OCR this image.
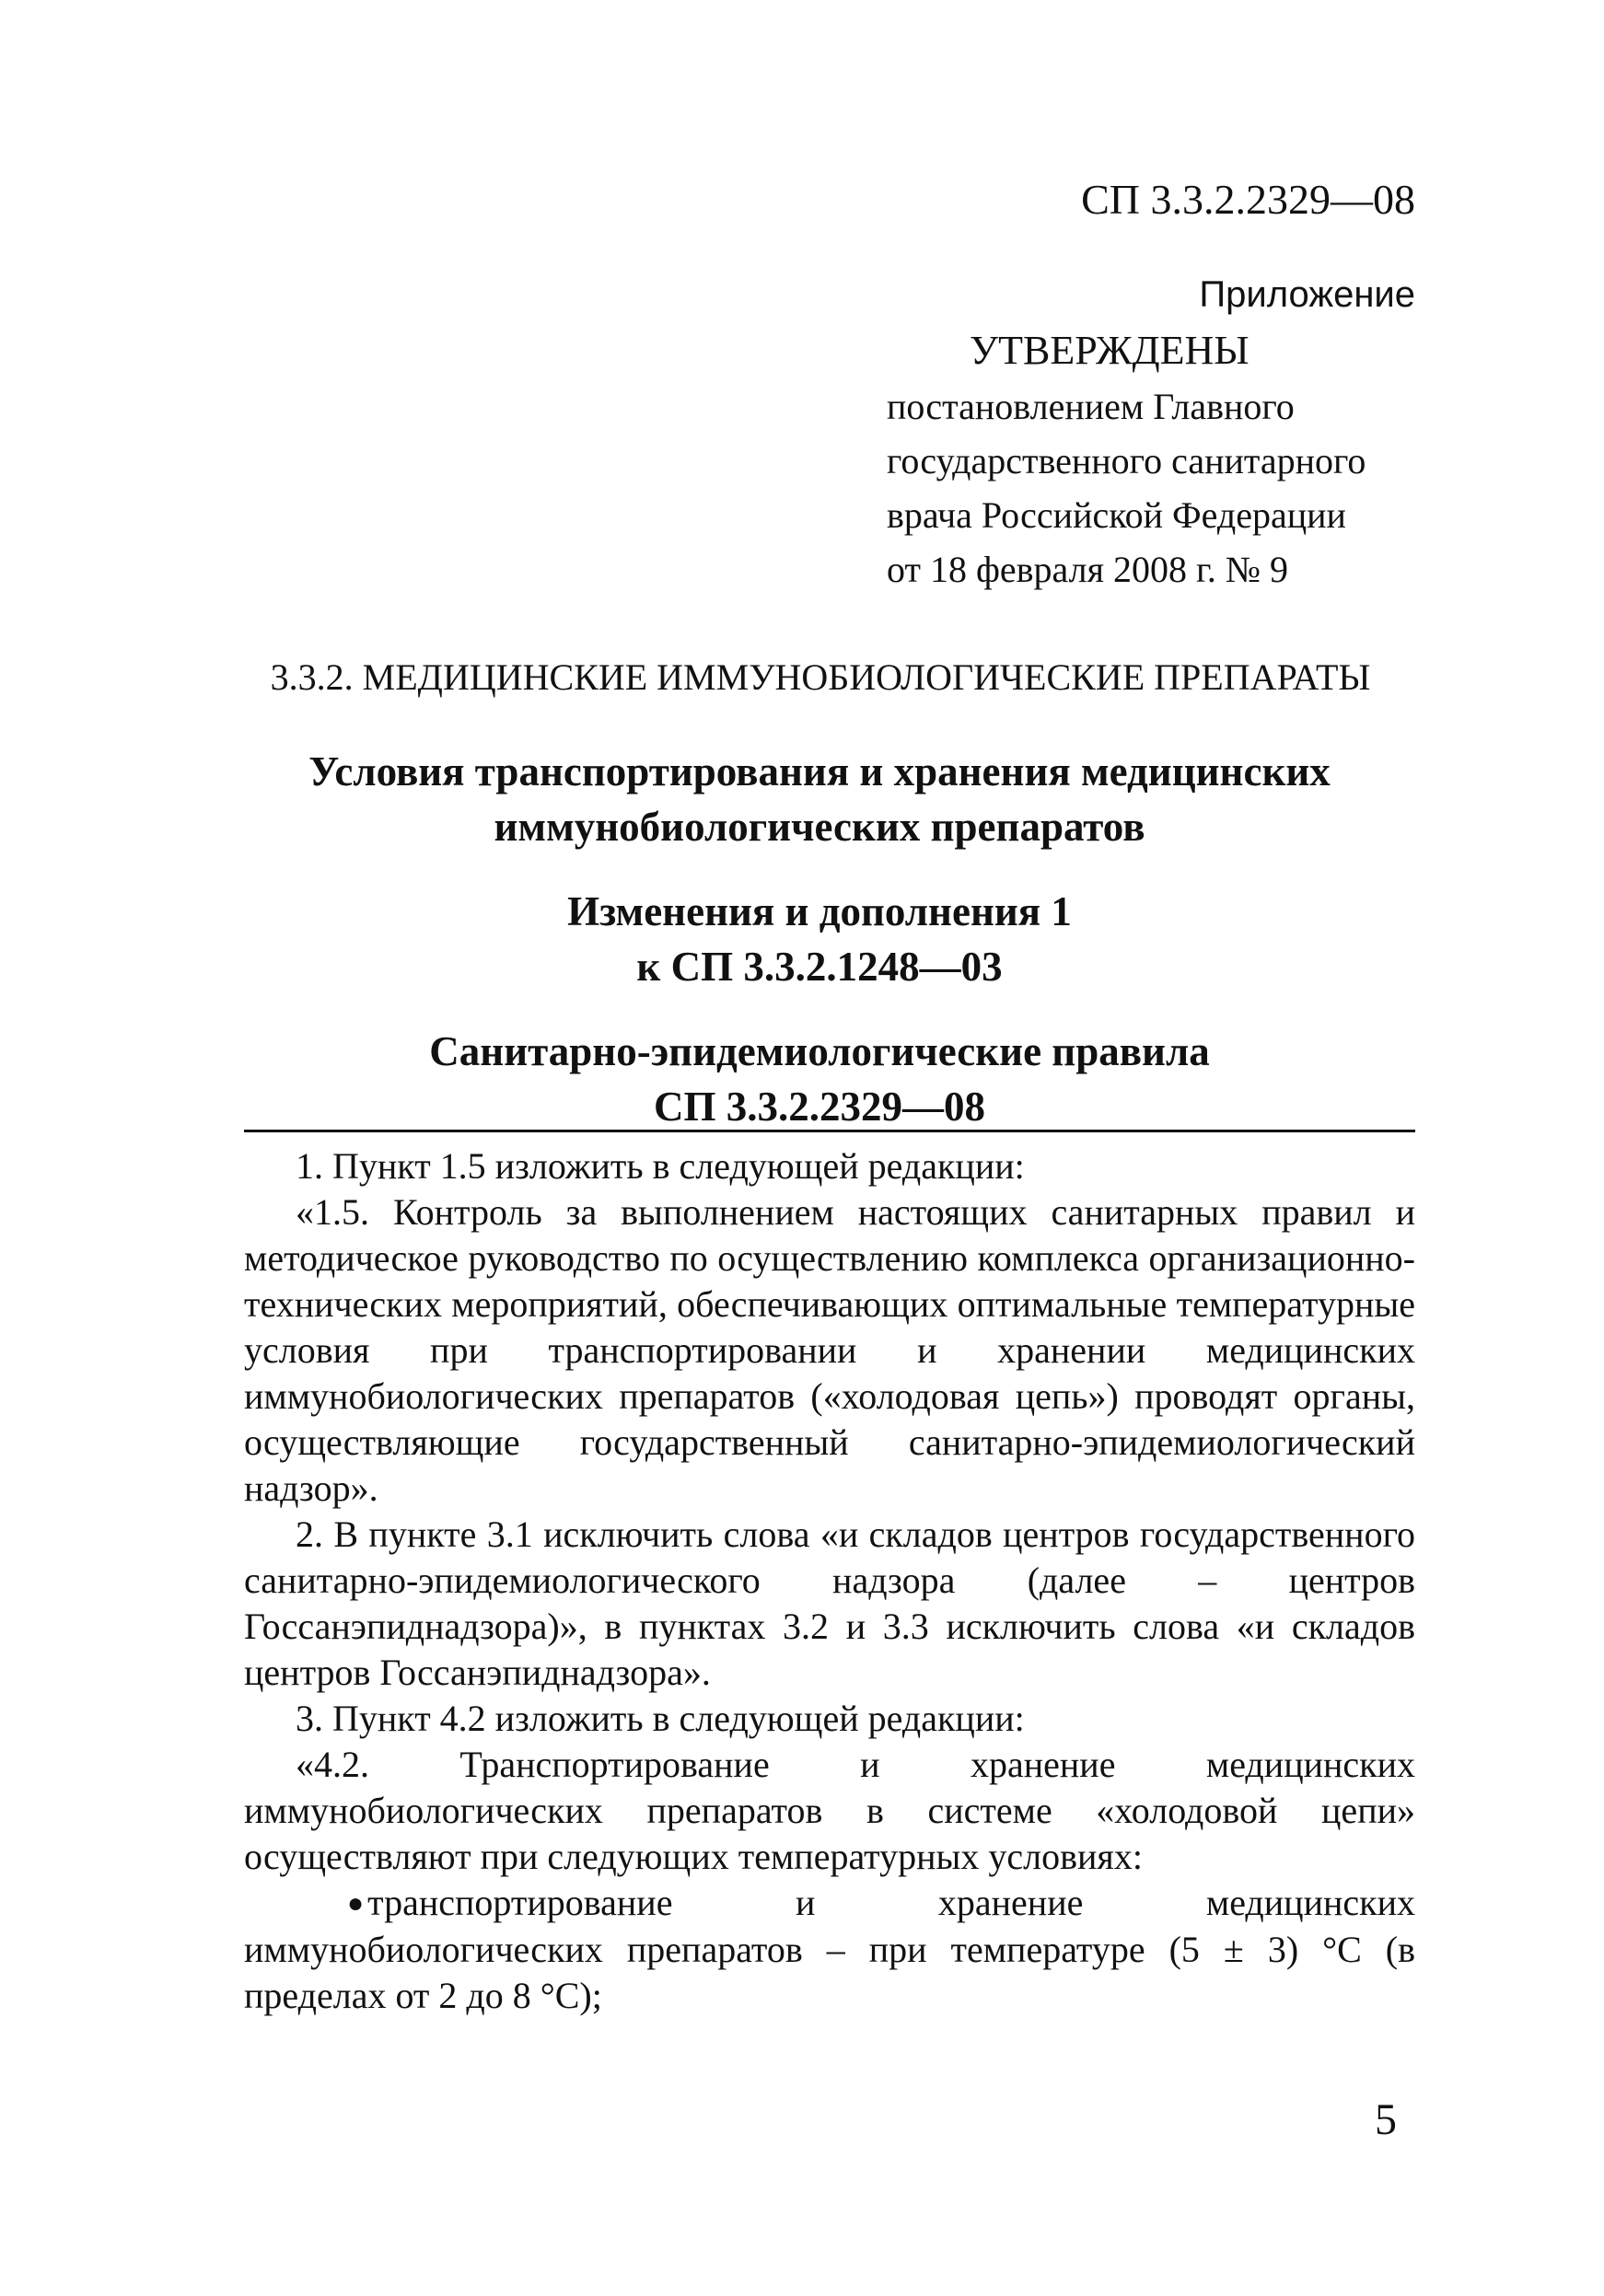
СП 3.3.2.2329—08
Приложение
УТВЕРЖДЕНЫ
постановлением Главного
государственного санитарного
врача Российской Федерации
от 18 февраля 2008 г. № 9
3.3.2. МЕДИЦИНСКИЕ ИММУНОБИОЛОГИЧЕСКИЕ ПРЕПАРАТЫ
Условия транспортирования и хранения медицинских
иммунобиологических препаратов
Изменения и дополнения 1
к СП 3.3.2.1248—03
Санитарно-эпидемиологические правила
СП 3.3.2.2329—08

1. Пункт 1.5 изложить в следующей редакции:

«1.5. Контроль за выполнением настоящих санитарных правил и методическое руководство по осуществлению комплекса организационно-технических мероприятий, обеспечивающих оптимальные температурные условия при транспортировании и хранении медицинских иммунобиологических препаратов («холодовая цепь») проводят органы, осуществляющие государственный санитарно-эпидемиологический надзор».

2. В пункте 3.1 исключить слова «и складов центров государственного санитарно-эпидемиологического надзора (далее – центров Госсанэпиднадзора)», в пунктах 3.2 и 3.3 исключить слова «и складов центров Госсанэпиднадзора».

3. Пункт 4.2 изложить в следующей редакции:

«4.2. Транспортирование и хранение медицинских иммунобиологических препаратов в системе «холодовой цепи» осуществляют при следующих температурных условиях:

● транспортирование и хранение медицинских иммунобиологических препаратов – при температуре (5 ± 3) °С (в пределах от 2 до 8 °С);

5
